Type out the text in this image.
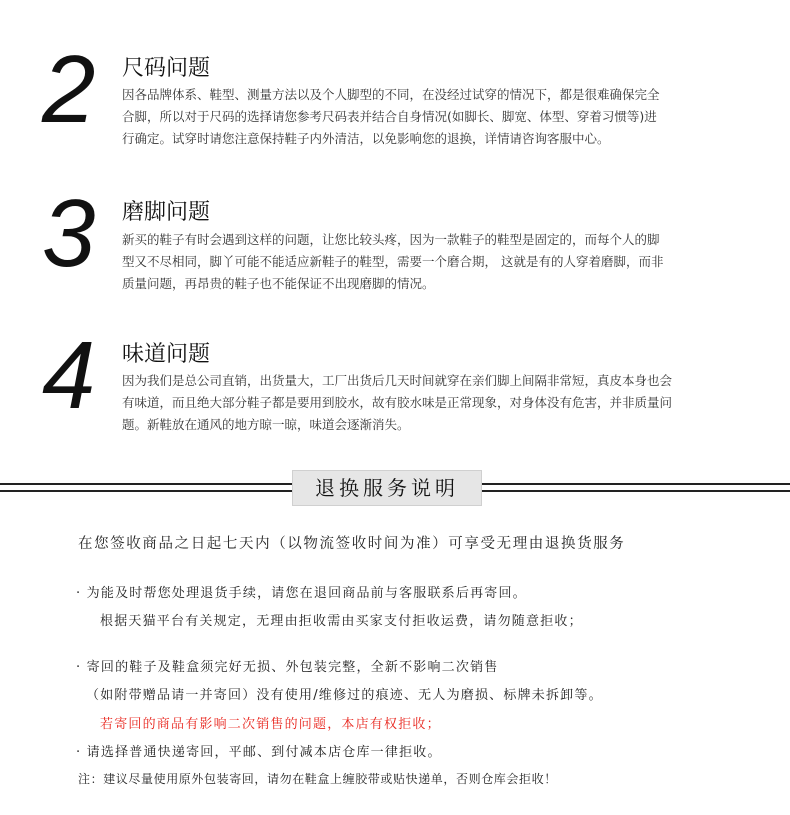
2 尺码问题
因各品牌体系、鞋型、测量方法以及个人脚型的不同，在没经过试穿的情况下，都是很难确保完全
合脚，所以对于尺码的选择请您参考尺码表并结合自身情况(如脚长、脚宽、体型、穿着习惯等)进
行确定。试穿时请您注意保持鞋子内外清洁，以免影响您的退换，详情请咨询客服中心。
3 磨脚问题
新买的鞋子有时会遇到这样的问题，让您比较头疼，因为一款鞋子的鞋型是固定的，而每个人的脚
型又不尽相同，脚丫可能不能适应新鞋子的鞋型，需要一个磨合期， 这就是有的人穿着磨脚，而非
质量问题，再昂贵的鞋子也不能保证不出现磨脚的情况。
4 味道问题
因为我们是总公司直销，出货量大，工厂出货后几天时间就穿在亲们脚上间隔非常短，真皮本身也会
有味道，而且绝大部分鞋子都是要用到胶水，故有胶水味是正常现象，对身体没有危害，并非质量问
题。新鞋放在通风的地方晾一晾，味道会逐渐消失。
退换服务说明

在您签收商品之日起七天内（以物流签收时间为准）可享受无理由退换货服务

· 为能及时帮您处理退货手续，请您在退回商品前与客服联系后再寄回。

根据天猫平台有关规定，无理由拒收需由买家支付拒收运费，请勿随意拒收；

· 寄回的鞋子及鞋盒须完好无损、外包装完整，全新不影响二次销售

（如附带赠品请一并寄回）没有使用/维修过的痕迹、无人为磨损、标牌未拆卸等。

若寄回的商品有影响二次销售的问题，本店有权拒收；

· 请选择普通快递寄回，平邮、到付减本店仓库一律拒收。

注：建议尽量使用原外包装寄回，请勿在鞋盒上缠胶带或贴快递单，否则仓库会拒收！
